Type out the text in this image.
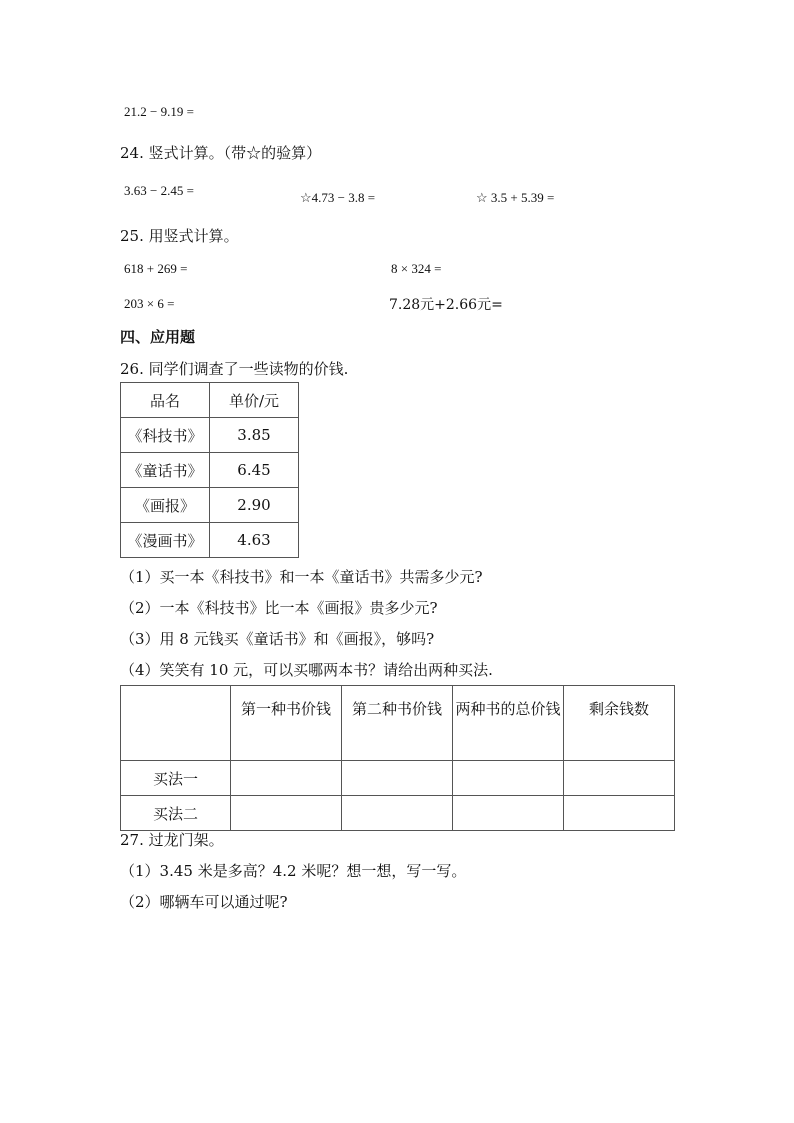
21.2 − 9.19 =
24. 竖式计算。（带☆的验算）
3.63 − 2.45 =	☆4.73 − 3.8 =	☆ 3.5 + 5.39 =
25. 用竖式计算。
618 + 269 =	8 × 324 =
203 × 6 =	7.28元+2.66元=
四、应用题
26. 同学们调查了一些读物的价钱.
品名	单价/元
《科技书》	3.85
《童话书》	6.45
《画报》	2.90
《漫画书》	4.63
（1）买一本《科技书》和一本《童话书》共需多少元?
（2）一本《科技书》比一本《画报》贵多少元?
（3）用 8 元钱买《童话书》和《画报》，够吗?
（4）笑笑有 10 元，可以买哪两本书？请给出两种买法.
	第一种书价钱	第二种书价钱	两种书的总价钱	剩余钱数
买法一				
买法二				
27. 过龙门架。
（1）3.45 米是多高？4.2 米呢？想一想，写一写。
（2）哪辆车可以通过呢?
